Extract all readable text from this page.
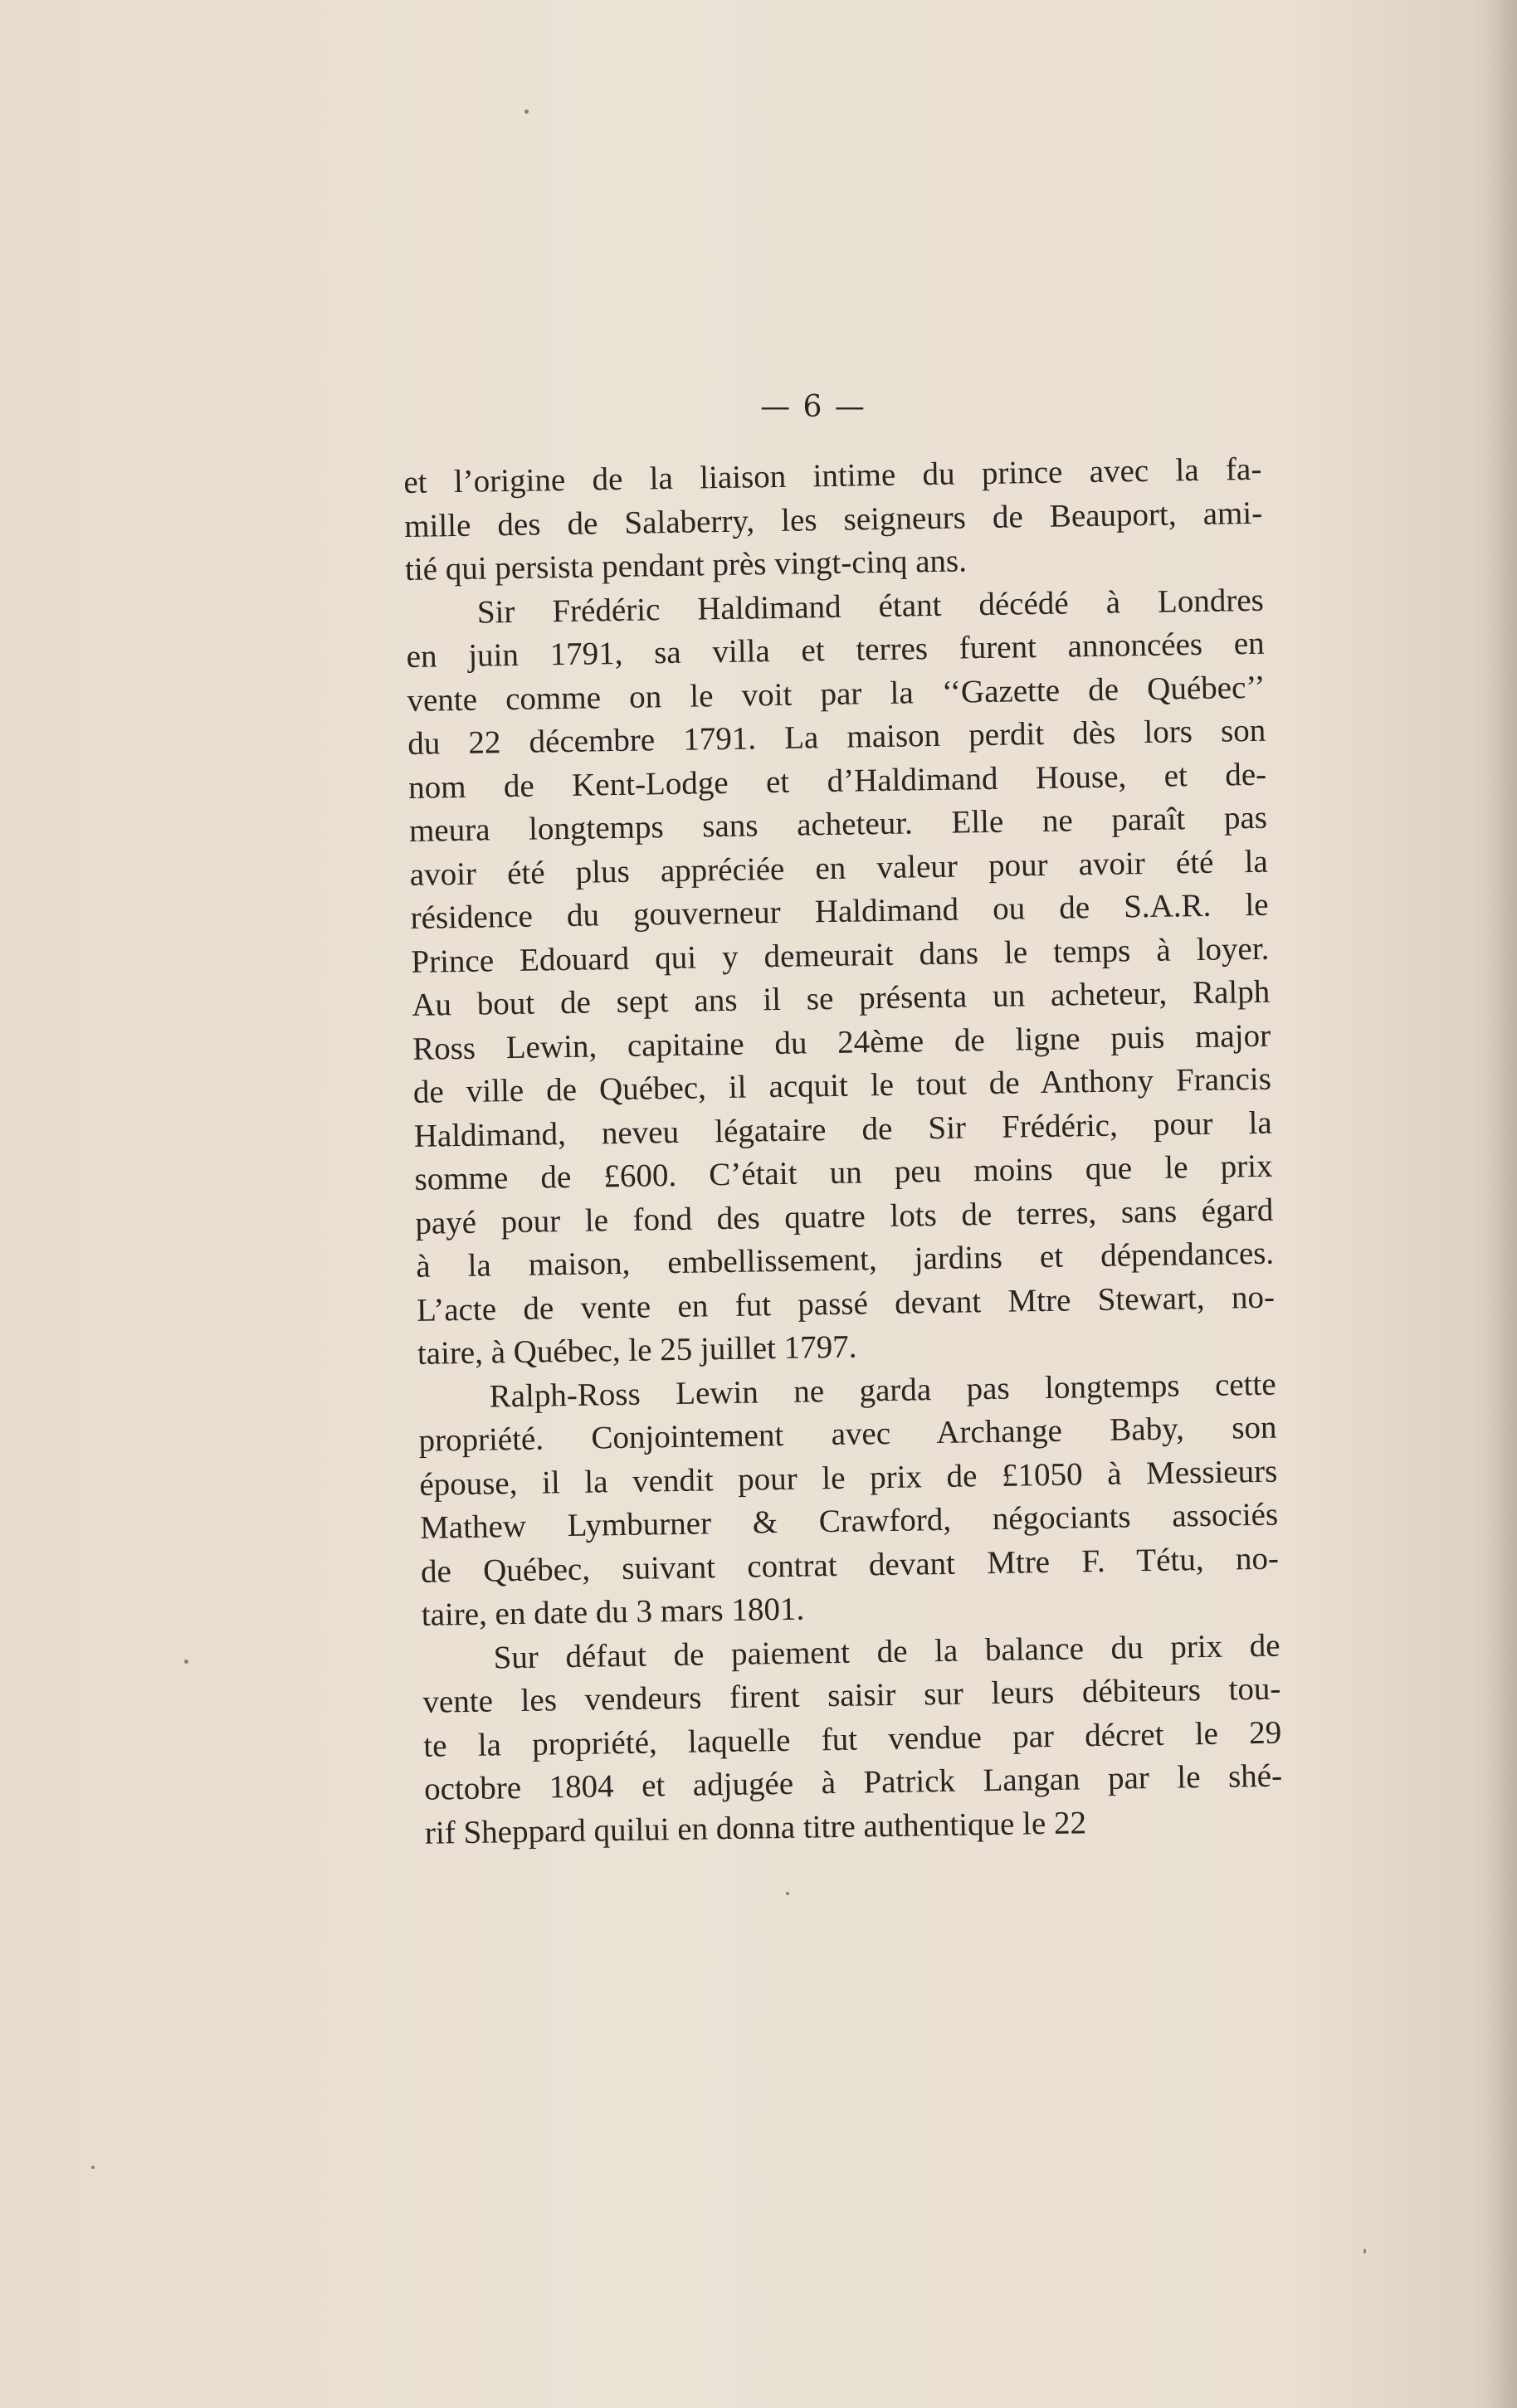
— 6 —
et l’origine de la liaison intime du prince avec la fa-
mille des de Salaberry, les seigneurs de Beauport, ami-
tié qui persista pendant près vingt-cinq ans.
Sir Frédéric Haldimand étant décédé à Londres
en juin 1791, sa villa et terres furent annoncées en
vente comme on le voit par la ‘‘Gazette de Québec’’
du 22 décembre 1791. La maison perdit dès lors son
nom de Kent-Lodge et d’Haldimand House, et de-
meura longtemps sans acheteur. Elle ne paraît pas
avoir été plus appréciée en valeur pour avoir été la
résidence du gouverneur Haldimand ou de S.A.R. le
Prince Edouard qui y demeurait dans le temps à loyer.
Au bout de sept ans il se présenta un acheteur, Ralph
Ross Lewin, capitaine du 24ème de ligne puis major
de ville de Québec, il acquit le tout de Anthony Francis
Haldimand, neveu légataire de Sir Frédéric, pour la
somme de £600. C’était un peu moins que le prix
payé pour le fond des quatre lots de terres, sans égard
à la maison, embellissement, jardins et dépendances.
L’acte de vente en fut passé devant Mtre Stewart, no-
taire, à Québec, le 25 juillet 1797.
Ralph-Ross Lewin ne garda pas longtemps cette
propriété. Conjointement avec Archange Baby, son
épouse, il la vendit pour le prix de £1050 à Messieurs
Mathew Lymburner & Crawford, négociants associés
de Québec, suivant contrat devant Mtre F. Tétu, no-
taire, en date du 3 mars 1801.
Sur défaut de paiement de la balance du prix de
vente les vendeurs firent saisir sur leurs débiteurs tou-
te la propriété, laquelle fut vendue par décret le 29
octobre 1804 et adjugée à Patrick Langan par le shé-
rif Sheppard quilui en donna titre authentique le 22
